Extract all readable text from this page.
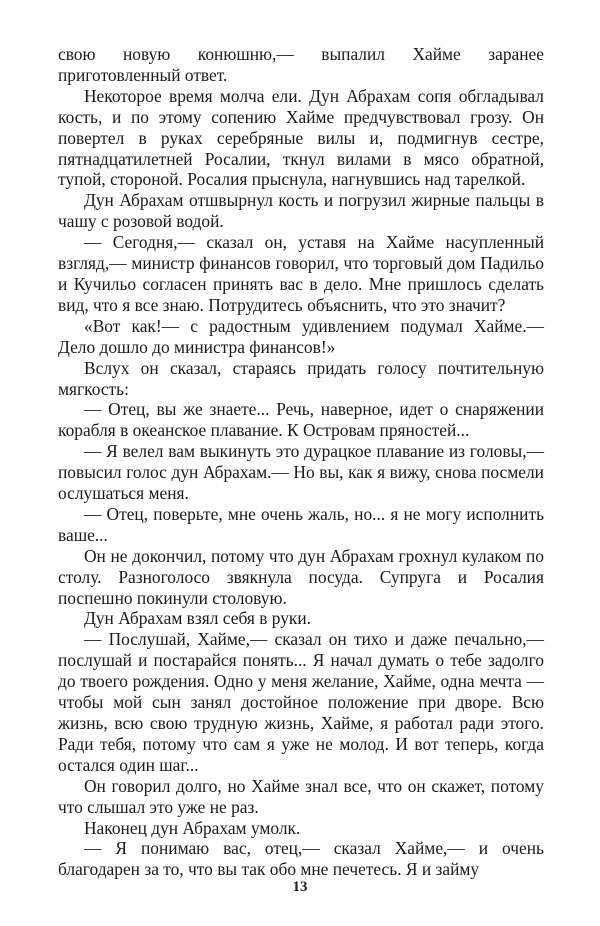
свою новую конюшню,— выпалил Хайме заранее приготовленный ответ.

Некоторое время молча ели. Дун Абрахам сопя обгладывал кость, и по этому сопению Хайме предчувствовал грозу. Он повертел в руках серебряные вилы и, подмигнув сестре, пятнадцатилетней Росалии, ткнул вилами в мясо обратной, тупой, стороной. Росалия прыснула, нагнувшись над тарелкой.

Дун Абрахам отшвырнул кость и погрузил жирные пальцы в чашу с розовой водой.

— Сегодня,— сказал он, уставя на Хайме насупленный взгляд,— министр финансов говорил, что торговый дом Падильо и Кучильо согласен принять вас в дело. Мне пришлось сделать вид, что я все знаю. Потрудитесь объяснить, что это значит?

«Вот как!— с радостным удивлением подумал Хайме.— Дело дошло до министра финансов!»

Вслух он сказал, стараясь придать голосу почтительную мягкость:

— Отец, вы же знаете... Речь, наверное, идет о снаряжении корабля в океанское плавание. К Островам пряностей...

— Я велел вам выкинуть это дурацкое плавание из головы,— повысил голос дун Абрахам.— Но вы, как я вижу, снова посмели ослушаться меня.

— Отец, поверьте, мне очень жаль, но... я не могу исполнить ваше...

Он не докончил, потому что дун Абрахам грохнул кулаком по столу. Разноголосо звякнула посуда. Супруга и Росалия поспешно покинули столовую.

Дун Абрахам взял себя в руки.

— Послушай, Хайме,— сказал он тихо и даже печально,— послушай и постарайся понять... Я начал думать о тебе задолго до твоего рождения. Одно у меня желание, Хайме, одна мечта — чтобы мой сын занял достойное положение при дворе. Всю жизнь, всю свою трудную жизнь, Хайме, я работал ради этого. Ради тебя, потому что сам я уже не молод. И вот теперь, когда остался один шаг...

Он говорил долго, но Хайме знал все, что он скажет, потому что слышал это уже не раз.

Наконец дун Абрахам умолк.

— Я понимаю вас, отец,— сказал Хайме,— и очень благодарен за то, что вы так обо мне печетесь. Я и займу

13
